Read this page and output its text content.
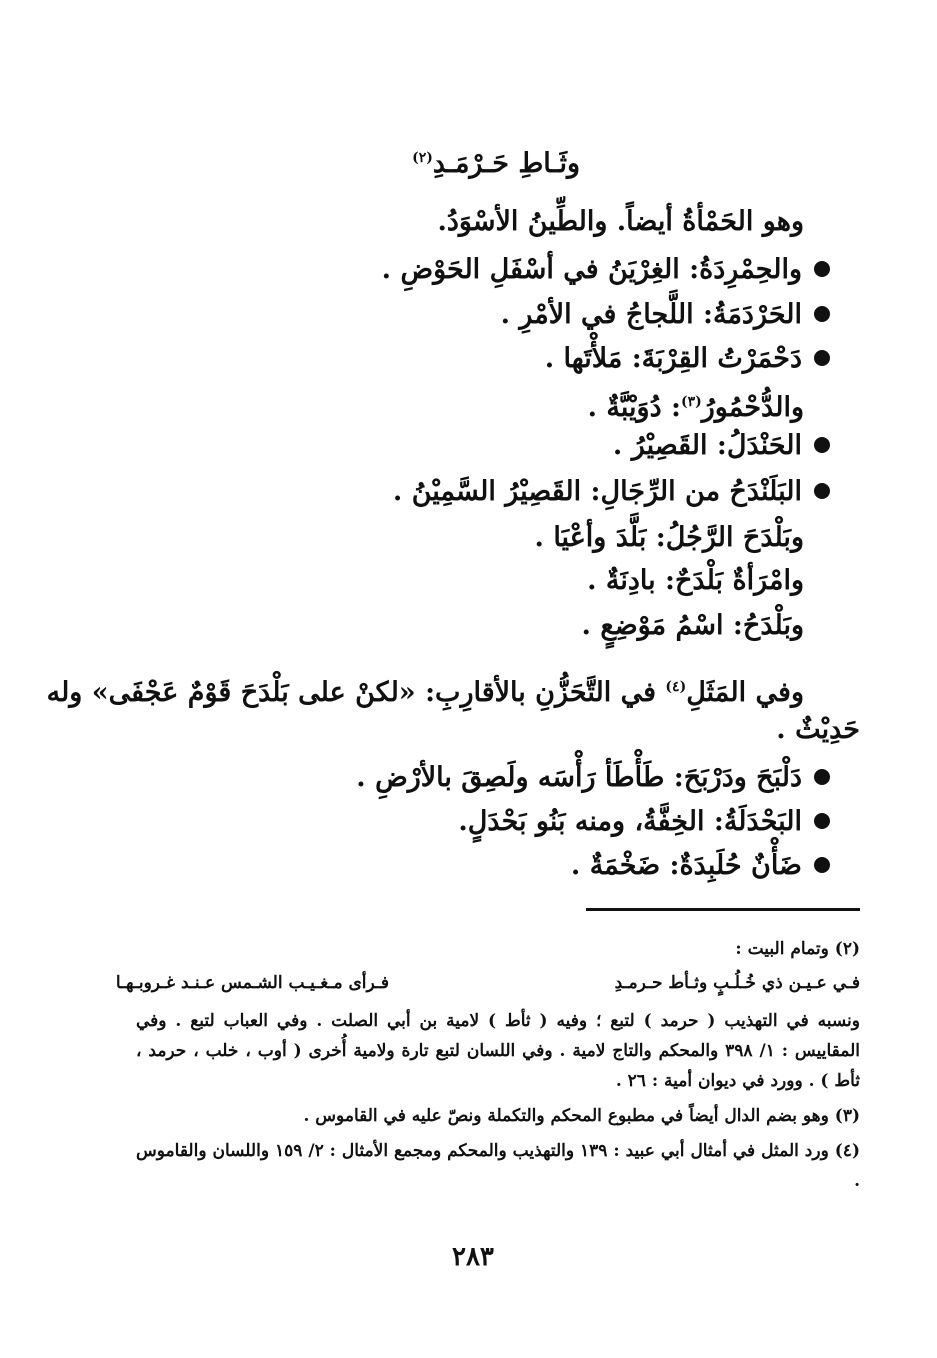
وثَـاطِ حَـرْمَـدِ$^{(٢)}$
وهو الحَمْأةُ أيضاً. والطِّينُ الأسْوَدُ.
والحِمْرِدَةُ: الغِرْيَنُ في أسْفَلِ الحَوْضِ .
الحَرْدَمَةُ: اللَّجاجُ في الأمْرِ .
دَحْمَرْتُ القِرْبَةَ: مَلأْتَها .
والدُّحْمُورُ$^{(٣)}$: دُوَيْبَّةٌ .
الحَنْدَلُ: القَصِيْرُ .
البَلَنْدَحُ من الرِّجَالِ: القَصِيْرُ السَّمِيْنُ .
وبَلْدَحَ الرَّجُلُ: بَلَّدَ وأعْيَا .
وامْرَأةٌ بَلْدَحٌ: بادِنَةٌ .
وبَلْدَحُ: اسْمُ مَوْضِعٍ .
وفي المَثَلِ$^{(٤)}$ في التَّحَزُّنِ بالأقارِبِ: «لكنْ على بَلْدَحَ قَوْمٌ عَجْفَى» وله
حَدِيْثٌ .
دَلْبَحَ ودَرْبَحَ: طَأْطَأ رَأْسَه ولَصِقَ بالأرْضِ .
البَحْدَلَةُ: الخِفَّةُ، ومنه بَنُو بَحْدَلٍ.
ضَأْنٌ حُلَبِدَةٌ: ضَخْمَةٌ .
(٢) وتمام البيت :
فـرأى مـغـيـب الشـمس عـنـد غـروبـهـا	فـي عـيـن ذي خُـلُـبٍ وثـأط حـرمـدِ
ونسبه في التهذيب ( حرمد ) لتبع ؛ وفيه ( ثأط ) لامية بن أبي الصلت . وفي العباب لتبع . وفي المقاييس : ١/ ٣٩٨ والمحكم والتاج لامية . وفي اللسان لتبع تارة ولامية أُخرى ( أوب ، خلب ، حرمد ، ثأط ) . وورد في ديوان أمية : ٢٦ .
(٣) وهو بضم الدال أيضاً في مطبوع المحكم والتكملة ونصّ عليه في القاموس .
(٤) ورد المثل في أمثال أبي عبيد : ١٣٩ والتهذيب والمحكم ومجمع الأمثال : ٢/ ١٥٩ واللسان والقاموس .
٢٨٣
